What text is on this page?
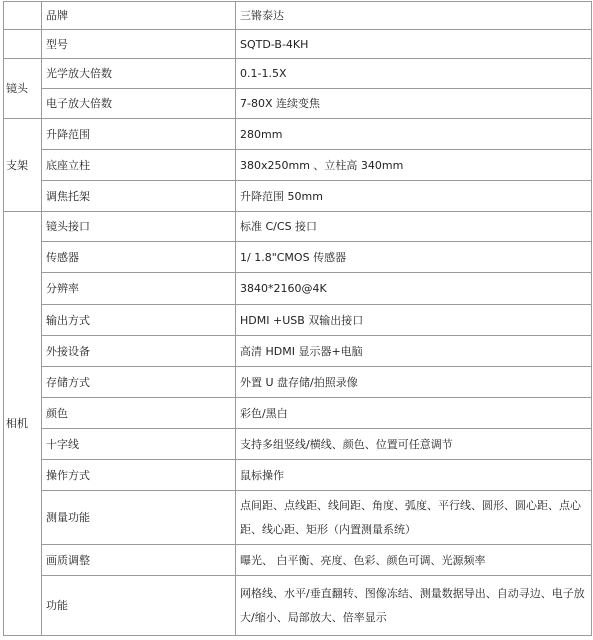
	品牌	三锵泰达
	型号	SQTD-B-4KH
镜头	光学放大倍数	0.1-1.5X
	电子放大倍数	7-80X 连续变焦
支架	升降范围	280mm
	底座立柱	380x250mm 、立柱高 340mm
	调焦托架	升降范围 50mm
相机	镜头接口	标准 C/CS 接口
	传感器	1/ 1.8"CMOS 传感器
	分辨率	3840*2160@4K
	输出方式	HDMI +USB 双输出接口
	外接设备	高清 HDMI 显示器+电脑
	存储方式	外置 U 盘存储/拍照录像
	颜色	彩色/黑白
	十字线	支持多组竖线/横线、颜色、位置可任意调节
	操作方式	鼠标操作
	测量功能	点间距、点线距、线间距、角度、弧度、平行线、圆形、圆心距、点心距、线心距、矩形（内置测量系统）
	画质调整	曝光、 白平衡、亮度、色彩、颜色可调、光源频率
	功能	网格线、水平/垂直翻转、图像冻结、测量数据导出、自动寻边、电子放大/缩小、局部放大、倍率显示
